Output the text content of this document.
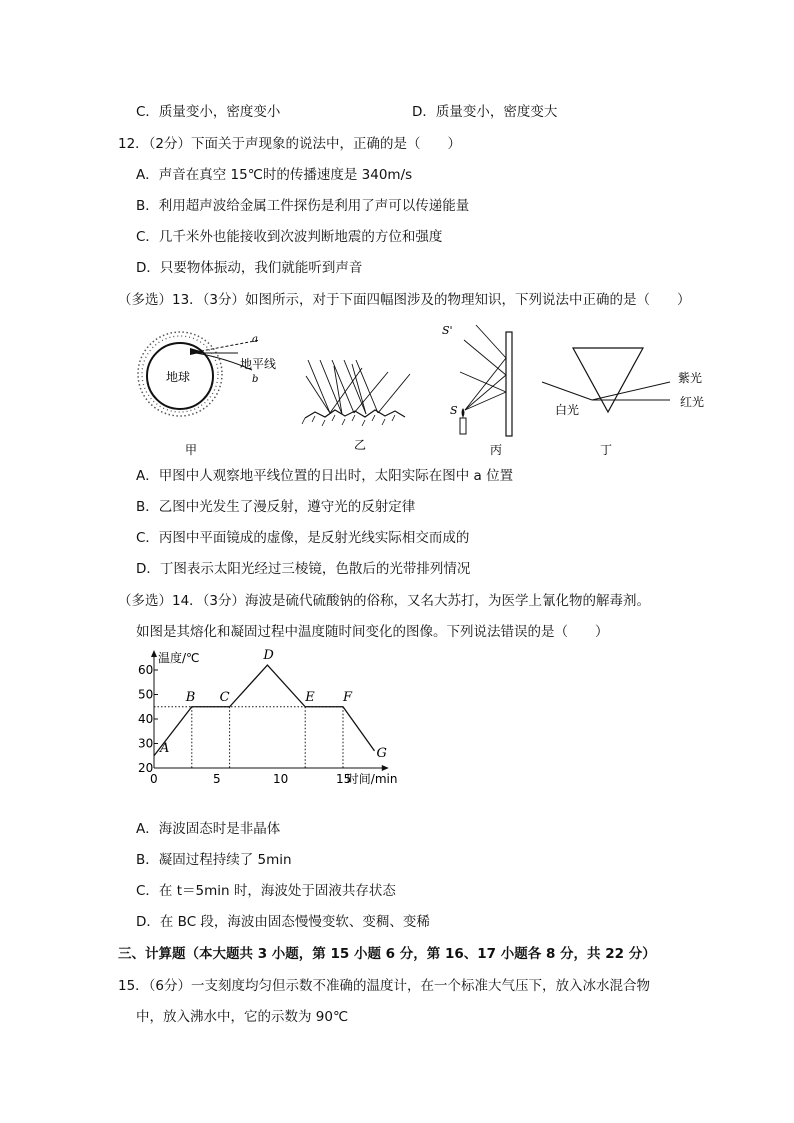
C．质量变小，密度变小	D．质量变小，密度变大
12．（2分）下面关于声现象的说法中，正确的是（　　）
A．声音在真空 15℃时的传播速度是 340m/s
B．利用超声波给金属工件探伤是利用了声可以传递能量
C．几千米外也能接收到次波判断地震的方位和强度
D．只要物体振动，我们就能听到声音
（多选）13．（3分）如图所示，对于下面四幅图涉及的物理知识，下列说法中正确的是（　　）
地球
a
地平线
b
甲	乙
S'
S
丙
白光
紫光
红光
丁
A．甲图中人观察地平线位置的日出时，太阳实际在图中 a 位置
B．乙图中光发生了漫反射，遵守光的反射定律
C．丙图中平面镜成的虚像，是反射光线实际相交而成的
D．丁图表示太阳光经过三棱镜，色散后的光带排列情况
（多选）14．（3分）海波是硫代硫酸钠的俗称，又名大苏打，为医学上氰化物的解毒剂。
如图是其熔化和凝固过程中温度随时间变化的图像。下列说法错误的是（　　）
温度/℃
时间/min
20
30
40
50
60
0	5	10	15
A
B C
D
E F
G
A．海波固态时是非晶体
B．凝固过程持续了 5min
C．在 t＝5min 时，海波处于固液共存状态
D．在 BC 段，海波由固态慢慢变软、变稠、变稀
三、计算题（本大题共 3 小题，第 15 小题 6 分，第 16、17 小题各 8 分，共 22 分）
15．（6分）一支刻度均匀但示数不准确的温度计，在一个标准大气压下，放入冰水混合物
中，放入沸水中，它的示数为 90℃
